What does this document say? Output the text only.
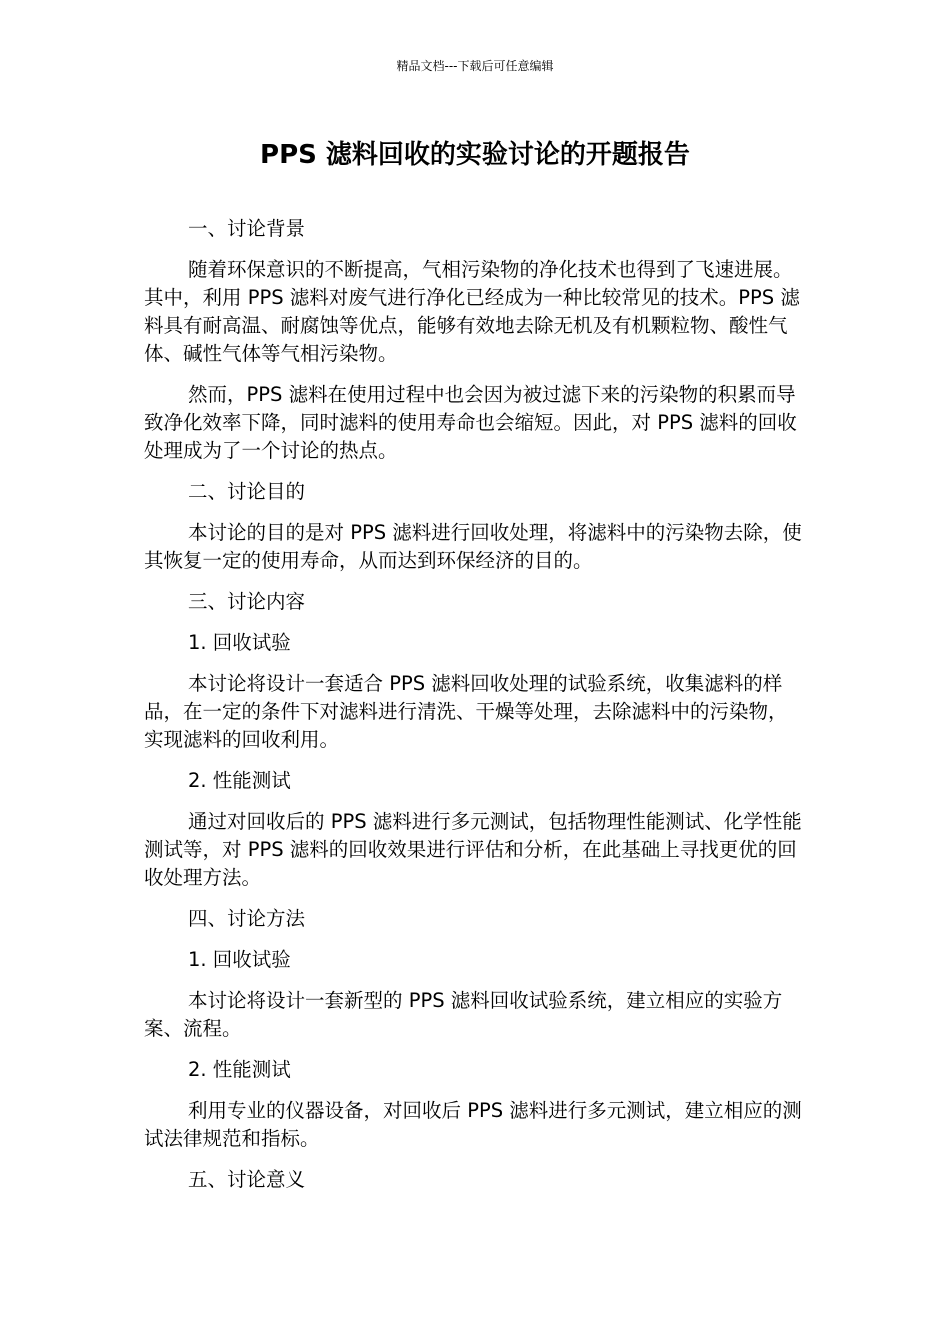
精品文档---下载后可任意编辑
PPS 滤料回收的实验讨论的开题报告

一、讨论背景

随着环保意识的不断提高，气相污染物的净化技术也得到了飞速进展。其中，利用 PPS 滤料对废气进行净化已经成为一种比较常见的技术。PPS 滤料具有耐高温、耐腐蚀等优点，能够有效地去除无机及有机颗粒物、酸性气体、碱性气体等气相污染物。

然而，PPS 滤料在使用过程中也会因为被过滤下来的污染物的积累而导致净化效率下降，同时滤料的使用寿命也会缩短。因此，对 PPS 滤料的回收处理成为了一个讨论的热点。

二、讨论目的

本讨论的目的是对 PPS 滤料进行回收处理，将滤料中的污染物去除，使其恢复一定的使用寿命，从而达到环保经济的目的。

三、讨论内容

1. 回收试验

本讨论将设计一套适合 PPS 滤料回收处理的试验系统，收集滤料的样品，在一定的条件下对滤料进行清洗、干燥等处理，去除滤料中的污染物，实现滤料的回收利用。

2. 性能测试

通过对回收后的 PPS 滤料进行多元测试，包括物理性能测试、化学性能测试等，对 PPS 滤料的回收效果进行评估和分析，在此基础上寻找更优的回收处理方法。

四、讨论方法

1. 回收试验

本讨论将设计一套新型的 PPS 滤料回收试验系统，建立相应的实验方案、流程。

2. 性能测试

利用专业的仪器设备，对回收后 PPS 滤料进行多元测试，建立相应的测试法律规范和指标。

五、讨论意义
